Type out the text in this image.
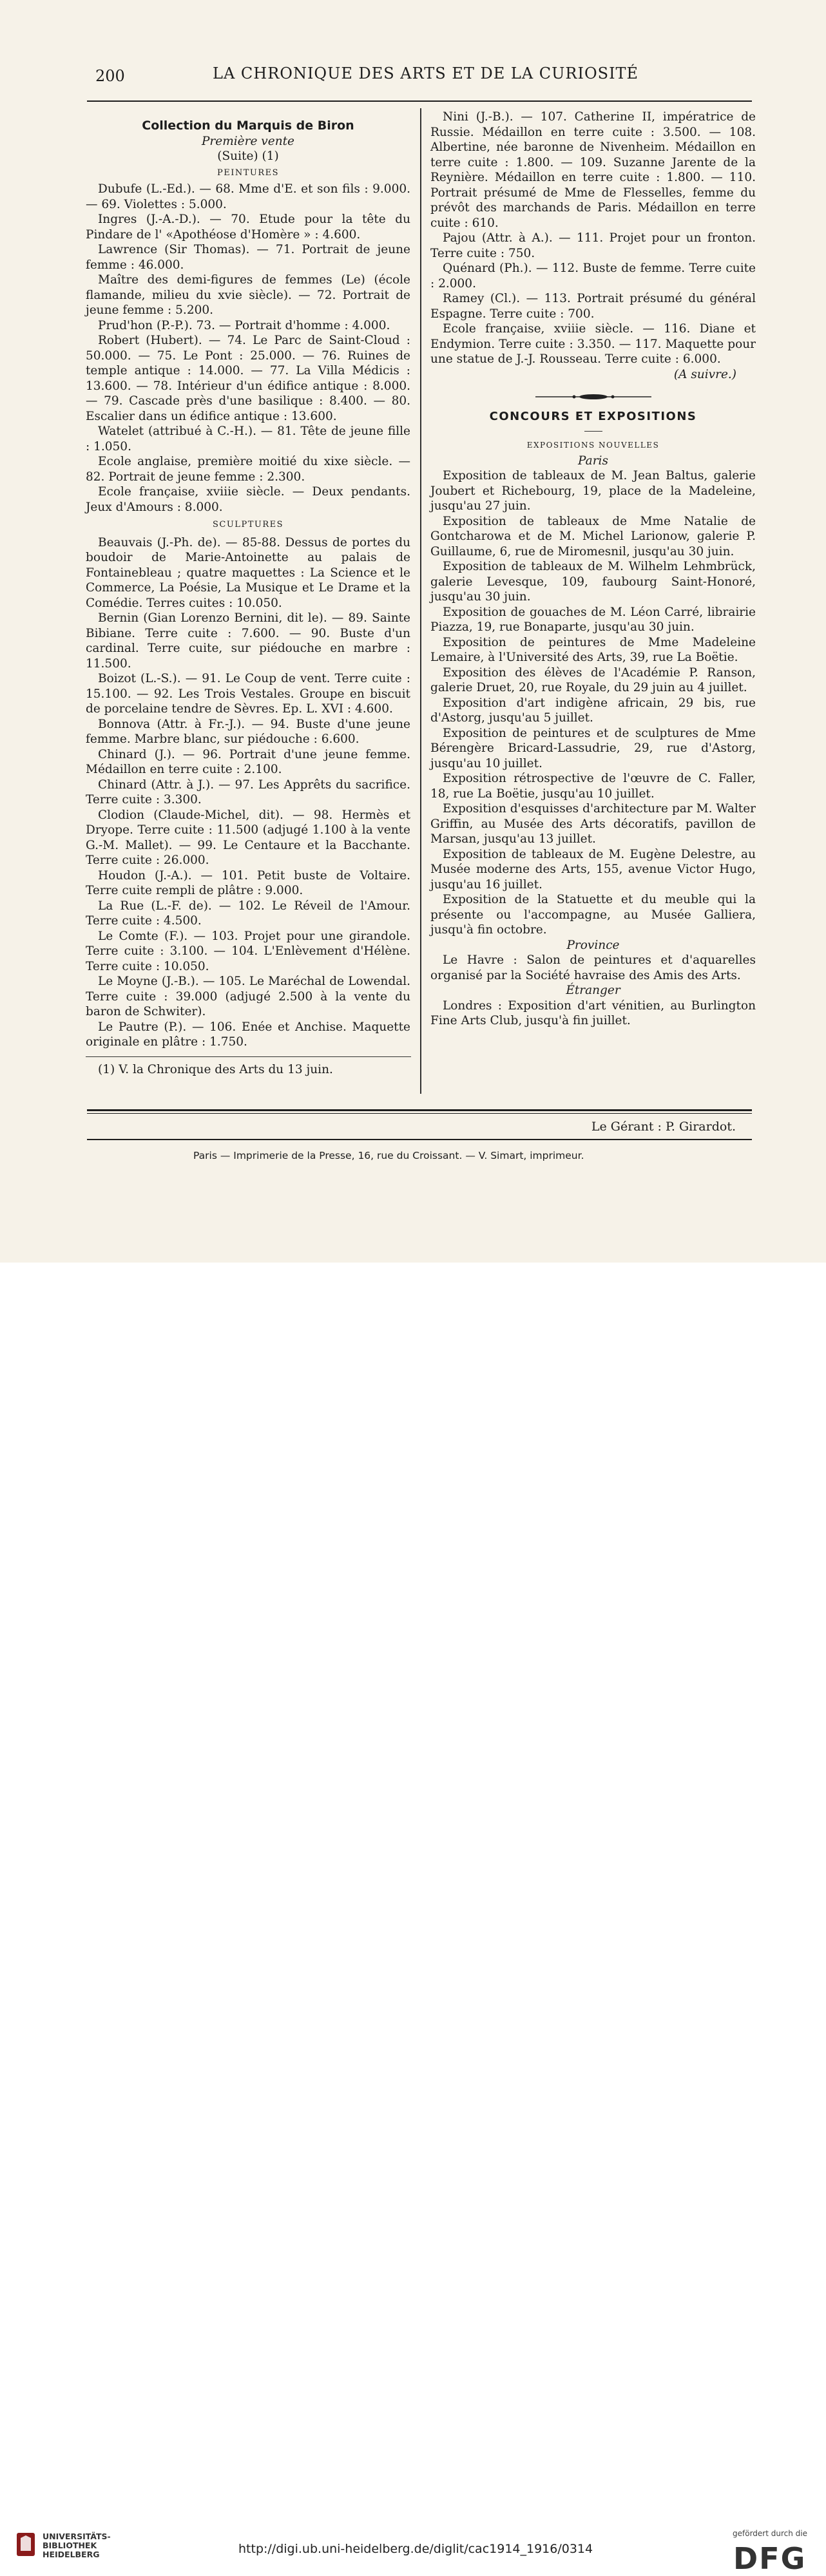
200	LA CHRONIQUE DES ARTS ET DE LA CURIOSITÉ
Collection du Marquis de Biron
Première vente
(Suite) (1)
PEINTURES

Dubufe (L.-Ed.). — 68. Mme d'E. et son fils : 9.000. — 69. Violettes : 5.000.

Ingres (J.-A.-D.). — 70. Etude pour la tête du Pindare de l' «Apothéose d'Homère » : 4.600.

Lawrence (Sir Thomas). — 71. Portrait de jeune femme : 46.000.

Maître des demi-figures de femmes (Le) (école flamande, milieu du xvie siècle). — 72. Portrait de jeune femme : 5.200.

Prud'hon (P.-P.). 73. — Portrait d'homme : 4.000.

Robert (Hubert). — 74. Le Parc de Saint-Cloud : 50.000. — 75. Le Pont : 25.000. — 76. Ruines de temple antique : 14.000. — 77. La Villa Médicis : 13.600. — 78. Intérieur d'un édifice antique : 8.000. — 79. Cascade près d'une basilique : 8.400. — 80. Escalier dans un édifice antique : 13.600.

Watelet (attribué à C.-H.). — 81. Tête de jeune fille : 1.050.

Ecole anglaise, première moitié du xixe siècle. — 82. Portrait de jeune femme : 2.300.

Ecole française, xviiie siècle. — Deux pendants. Jeux d'Amours : 8.000.

SCULPTURES

Beauvais (J.-Ph. de). — 85-88. Dessus de portes du boudoir de Marie-Antoinette au palais de Fontainebleau ; quatre maquettes : La Science et le Commerce, La Poésie, La Musique et Le Drame et la Comédie. Terres cuites : 10.050.

Bernin (Gian Lorenzo Bernini, dit le). — 89. Sainte Bibiane. Terre cuite : 7.600. — 90. Buste d'un cardinal. Terre cuite, sur piédouche en marbre : 11.500.

Boizot (L.-S.). — 91. Le Coup de vent. Terre cuite : 15.100. — 92. Les Trois Vestales. Groupe en biscuit de porcelaine tendre de Sèvres. Ep. L. XVI : 4.600.

Bonnova (Attr. à Fr.-J.). — 94. Buste d'une jeune femme. Marbre blanc, sur piédouche : 6.600.

Chinard (J.). — 96. Portrait d'une jeune femme. Médaillon en terre cuite : 2.100.

Chinard (Attr. à J.). — 97. Les Apprêts du sacrifice. Terre cuite : 3.300.

Clodion (Claude-Michel, dit). — 98. Hermès et Dryope. Terre cuite : 11.500 (adjugé 1.100 à la vente G.-M. Mallet). — 99. Le Centaure et la Bacchante. Terre cuite : 26.000.

Houdon (J.-A.). — 101. Petit buste de Voltaire. Terre cuite rempli de plâtre : 9.000.

La Rue (L.-F. de). — 102. Le Réveil de l'Amour. Terre cuite : 4.500.

Le Comte (F.). — 103. Projet pour une girandole. Terre cuite : 3.100. — 104. L'Enlèvement d'Hélène. Terre cuite : 10.050.

Le Moyne (J.-B.). — 105. Le Maréchal de Lowendal. Terre cuite : 39.000 (adjugé 2.500 à la vente du baron de Schwiter).

Le Pautre (P.). — 106. Enée et Anchise. Maquette originale en plâtre : 1.750.

(1) V. la Chronique des Arts du 13 juin.

Nini (J.-B.). — 107. Catherine II, impératrice de Russie. Médaillon en terre cuite : 3.500. — 108. Albertine, née baronne de Nivenheim. Médaillon en terre cuite : 1.800. — 109. Suzanne Jarente de la Reynière. Médaillon en terre cuite : 1.800. — 110. Portrait présumé de Mme de Flesselles, femme du prévôt des marchands de Paris. Médaillon en terre cuite : 610.

Pajou (Attr. à A.). — 111. Projet pour un fronton. Terre cuite : 750.

Quénard (Ph.). — 112. Buste de femme. Terre cuite : 2.000.

Ramey (Cl.). — 113. Portrait présumé du général Espagne. Terre cuite : 700.

Ecole française, xviiie siècle. — 116. Diane et Endymion. Terre cuite : 3.350. — 117. Maquette pour une statue de J.-J. Rousseau. Terre cuite : 6.000.

(A suivre.)
CONCOURS ET EXPOSITIONS
EXPOSITIONS NOUVELLES
Paris

Exposition de tableaux de M. Jean Baltus, galerie Joubert et Richebourg, 19, place de la Madeleine, jusqu'au 27 juin.

Exposition de tableaux de Mme Natalie de Gontcharowa et de M. Michel Larionow, galerie P. Guillaume, 6, rue de Miromesnil, jusqu'au 30 juin.

Exposition de tableaux de M. Wilhelm Lehmbrück, galerie Levesque, 109, faubourg Saint-Honoré, jusqu'au 30 juin.

Exposition de gouaches de M. Léon Carré, librairie Piazza, 19, rue Bonaparte, jusqu'au 30 juin.

Exposition de peintures de Mme Madeleine Lemaire, à l'Université des Arts, 39, rue La Boëtie.

Exposition des élèves de l'Académie P. Ranson, galerie Druet, 20, rue Royale, du 29 juin au 4 juillet.

Exposition d'art indigène africain, 29 bis, rue d'Astorg, jusqu'au 5 juillet.

Exposition de peintures et de sculptures de Mme Bérengère Bricard-Lassudrie, 29, rue d'Astorg, jusqu'au 10 juillet.

Exposition rétrospective de l'œuvre de C. Faller, 18, rue La Boëtie, jusqu'au 10 juillet.

Exposition d'esquisses d'architecture par M. Walter Griffin, au Musée des Arts décoratifs, pavillon de Marsan, jusqu'au 13 juillet.

Exposition de tableaux de M. Eugène Delestre, au Musée moderne des Arts, 155, avenue Victor Hugo, jusqu'au 16 juillet.

Exposition de la Statuette et du meuble qui la présente ou l'accompagne, au Musée Galliera, jusqu'à fin octobre.

Province

Le Havre : Salon de peintures et d'aquarelles organisé par la Société havraise des Amis des Arts.

Étranger

Londres : Exposition d'art vénitien, au Burlington Fine Arts Club, jusqu'à fin juillet.

Le Gérant : P. Girardot.
Paris — Imprimerie de la Presse, 16, rue du Croissant. — V. Simart, imprimeur.
UNIVERSITÄTS-
BIBLIOTHEK
HEIDELBERG	http://digi.ub.uni-heidelberg.de/diglit/cac1914_1916/0314
gefördert durch die
DFG
